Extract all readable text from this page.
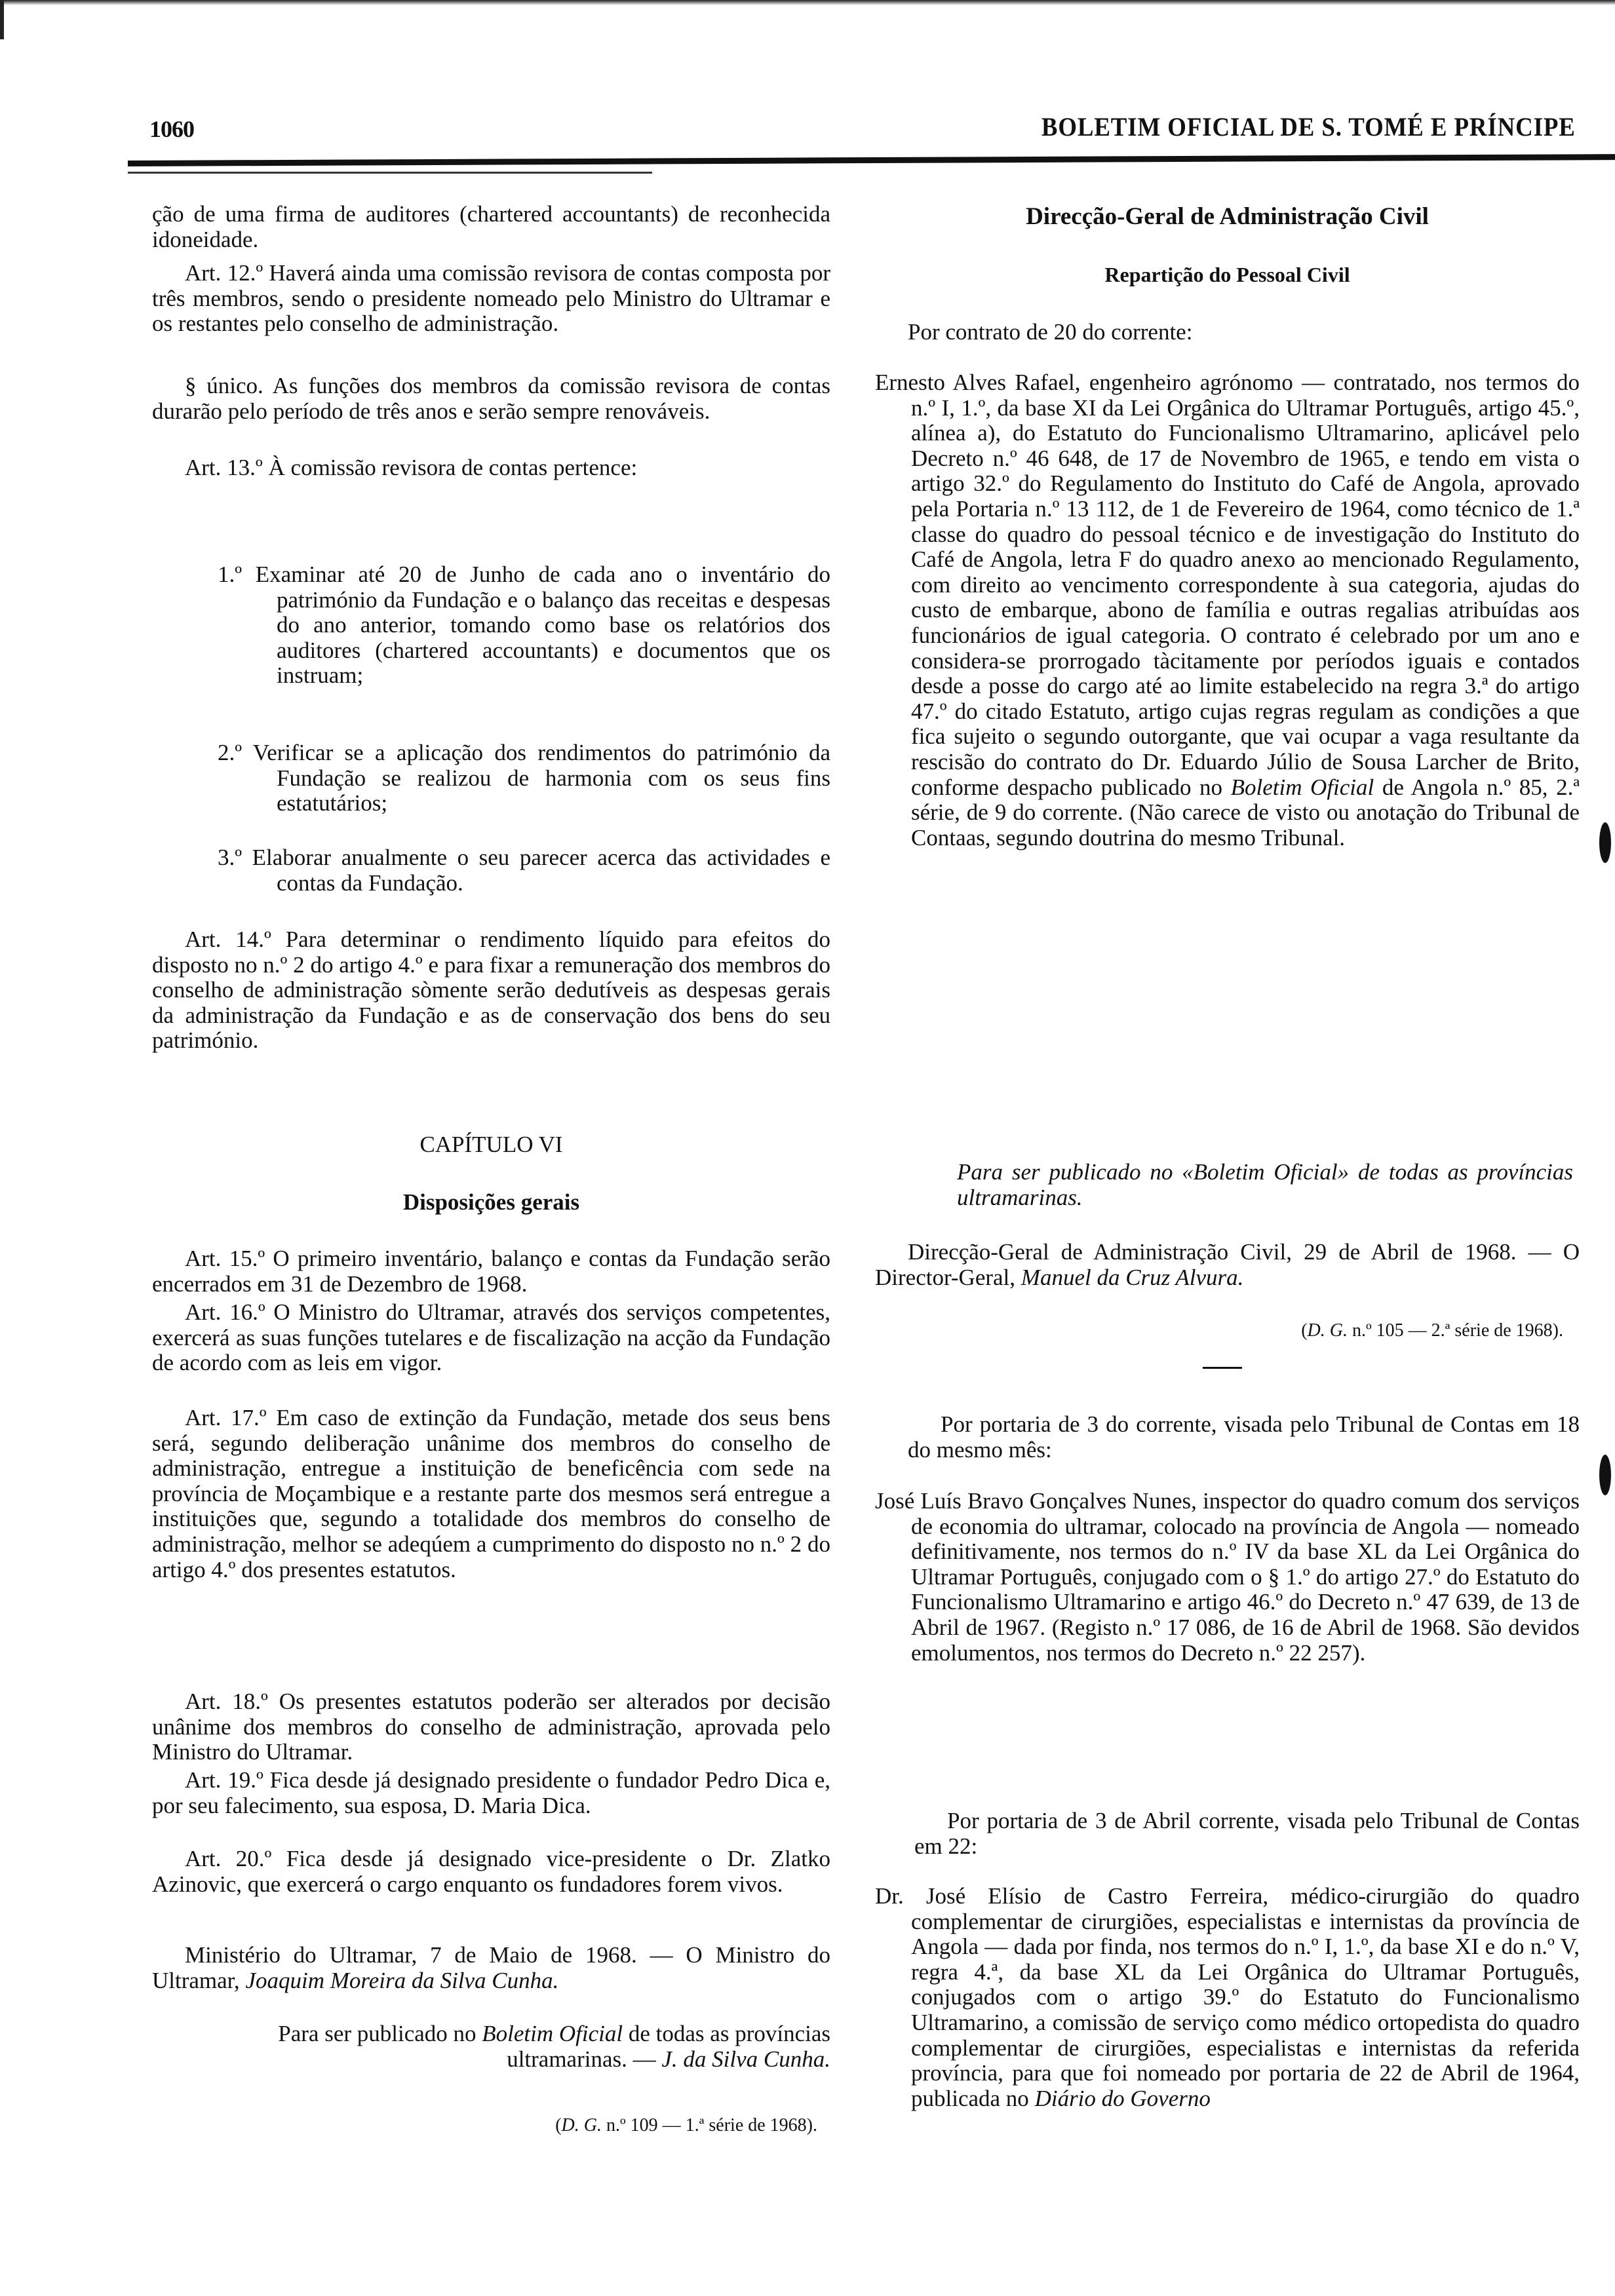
1060	BOLETIM OFICIAL DE S. TOMÉ E PRÍNCIPE

ção de uma firma de auditores (chartered accountants) de reconhecida idoneidade.

Art. 12.º Haverá ainda uma comissão revisora de contas composta por três membros, sendo o presidente nomeado pelo Ministro do Ultramar e os restantes pelo conselho de administração.

§ único. As funções dos membros da comissão revisora de contas durarão pelo período de três anos e serão sempre renováveis.

Art. 13.º À comissão revisora de contas pertence:

1.º Examinar até 20 de Junho de cada ano o inventário do património da Fundação e o balanço das receitas e despesas do ano anterior, tomando como base os relatórios dos auditores (chartered accountants) e documentos que os instruam;

2.º Verificar se a aplicação dos rendimentos do património da Fundação se realizou de harmonia com os seus fins estatutários;

3.º Elaborar anualmente o seu parecer acerca das actividades e contas da Fundação.

Art. 14.º Para determinar o rendimento líquido para efeitos do disposto no n.º 2 do artigo 4.º e para fixar a remuneração dos membros do conselho de administração sòmente serão dedutíveis as despesas gerais da administração da Fundação e as de conservação dos bens do seu património.

CAPÍTULO VI

Disposições gerais

Art. 15.º O primeiro inventário, balanço e contas da Fundação serão encerrados em 31 de Dezembro de 1968.

Art. 16.º O Ministro do Ultramar, através dos serviços competentes, exercerá as suas funções tutelares e de fiscalização na acção da Fundação de acordo com as leis em vigor.

Art. 17.º Em caso de extinção da Fundação, metade dos seus bens será, segundo deliberação unânime dos membros do conselho de administração, entregue a instituição de beneficência com sede na província de Moçambique e a restante parte dos mesmos será entregue a instituições que, segundo a totalidade dos membros do conselho de administração, melhor se adeqúem a cumprimento do disposto no n.º 2 do artigo 4.º dos presentes estatutos.

Art. 18.º Os presentes estatutos poderão ser alterados por decisão unânime dos membros do conselho de administração, aprovada pelo Ministro do Ultramar.

Art. 19.º Fica desde já designado presidente o fundador Pedro Dica e, por seu falecimento, sua esposa, D. Maria Dica.

Art. 20.º Fica desde já designado vice-presidente o Dr. Zlatko Azinovic, que exercerá o cargo enquanto os fundadores forem vivos.

Ministério do Ultramar, 7 de Maio de 1968. — O Ministro do Ultramar, Joaquim Moreira da Silva Cunha.

Para ser publicado no Boletim Oficial de todas as províncias ultramarinas. — J. da Silva Cunha.

(D. G. n.º 109 — 1.ª série de 1968).

Direcção-Geral de Administração Civil

Repartição do Pessoal Civil

Por contrato de 20 do corrente:

Ernesto Alves Rafael, engenheiro agrónomo — contratado, nos termos do n.º I, 1.º, da base XI da Lei Orgânica do Ultramar Português, artigo 45.º, alínea a), do Estatuto do Funcionalismo Ultramarino, aplicável pelo Decreto n.º 46 648, de 17 de Novembro de 1965, e tendo em vista o artigo 32.º do Regulamento do Instituto do Café de Angola, aprovado pela Portaria n.º 13 112, de 1 de Fevereiro de 1964, como técnico de 1.ª classe do quadro do pessoal técnico e de investigação do Instituto do Café de Angola, letra F do quadro anexo ao mencionado Regulamento, com direito ao vencimento correspondente à sua categoria, ajudas do custo de embarque, abono de família e outras regalias atribuídas aos funcionários de igual categoria. O contrato é celebrado por um ano e considera-se prorrogado tàcitamente por períodos iguais e contados desde a posse do cargo até ao limite estabelecido na regra 3.ª do artigo 47.º do citado Estatuto, artigo cujas regras regulam as condições a que fica sujeito o segundo outorgante, que vai ocupar a vaga resultante da rescisão do contrato do Dr. Eduardo Júlio de Sousa Larcher de Brito, conforme despacho publicado no Boletim Oficial de Angola n.º 85, 2.ª série, de 9 do corrente. (Não carece de visto ou anotação do Tribunal de Contaas, segundo doutrina do mesmo Tribunal.

Para ser publicado no «Boletim Oficial» de todas as províncias ultramarinas.

Direcção-Geral de Administração Civil, 29 de Abril de 1968. — O Director-Geral, Manuel da Cruz Alvura.

(D. G. n.º 105 — 2.ª série de 1968).

Por portaria de 3 do corrente, visada pelo Tribunal de Contas em 18 do mesmo mês:

José Luís Bravo Gonçalves Nunes, inspector do quadro comum dos serviços de economia do ultramar, colocado na província de Angola — nomeado definitivamente, nos termos do n.º IV da base XL da Lei Orgânica do Ultramar Português, conjugado com o § 1.º do artigo 27.º do Estatuto do Funcionalismo Ultramarino e artigo 46.º do Decreto n.º 47 639, de 13 de Abril de 1967. (Registo n.º 17 086, de 16 de Abril de 1968. São devidos emolumentos, nos termos do Decreto n.º 22 257).

Por portaria de 3 de Abril corrente, visada pelo Tribunal de Contas em 22:

Dr. José Elísio de Castro Ferreira, médico-cirurgião do quadro complementar de cirurgiões, especialistas e internistas da província de Angola — dada por finda, nos termos do n.º I, 1.º, da base XI e do n.º V, regra 4.ª, da base XL da Lei Orgânica do Ultramar Português, conjugados com o artigo 39.º do Estatuto do Funcionalismo Ultramarino, a comissão de serviço como médico ortopedista do quadro complementar de cirurgiões, especialistas e internistas da referida província, para que foi nomeado por portaria de 22 de Abril de 1964, publicada no Diário do Governo
